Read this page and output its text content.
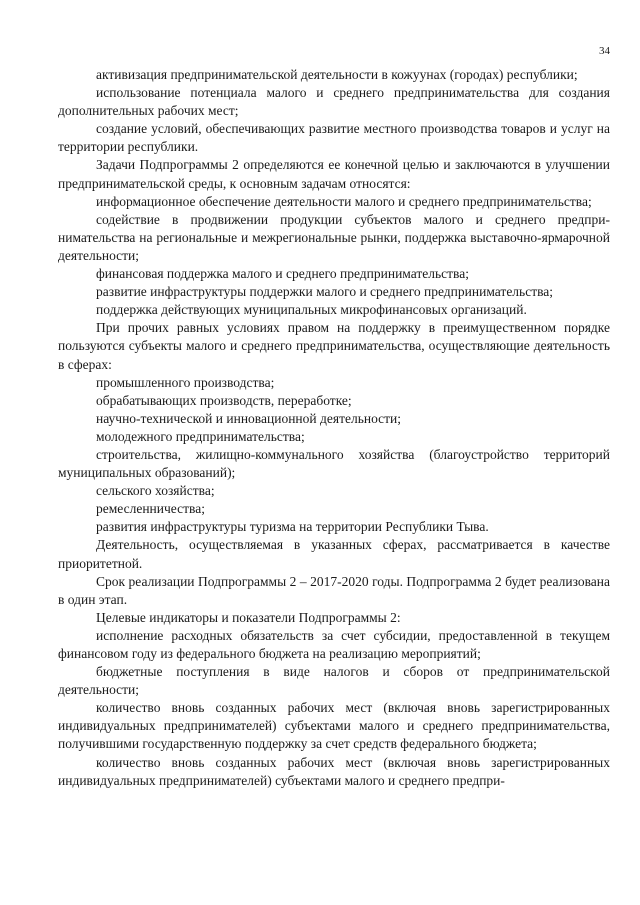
34

активизация предпринимательской деятельности в кожуунах (городах) республики;

использование потенциала малого и среднего предпринимательства для создания дополнительных рабочих мест;

создание условий, обеспечивающих развитие местного производства товаров и услуг на территории республики.

Задачи Подпрограммы 2 определяются ее конечной целью и заключаются в улучшении предпринимательской среды, к основным задачам относятся:

информационное обеспечение деятельности малого и среднего предпринимательства;

содействие в продвижении продукции субъектов малого и среднего предпринимательства на региональные и межрегиональные рынки, поддержка выставочно-ярмарочной деятельности;

финансовая поддержка малого и среднего предпринимательства;

развитие инфраструктуры поддержки малого и среднего предпринимательства;

поддержка действующих муниципальных микрофинансовых организаций.

При прочих равных условиях правом на поддержку в преимущественном порядке пользуются субъекты малого и среднего предпринимательства, осуществляющие деятельность в сферах:

промышленного производства;

обрабатывающих производств, переработке;

научно-технической и инновационной деятельности;

молодежного предпринимательства;

строительства, жилищно-коммунального хозяйства (благоустройство территорий муниципальных образований);

сельского хозяйства;

ремесленничества;

развития инфраструктуры туризма на территории Республики Тыва.

Деятельность, осуществляемая в указанных сферах, рассматривается в качестве приоритетной.

Срок реализации Подпрограммы 2 – 2017-2020 годы. Подпрограмма 2 будет реализована в один этап.

Целевые индикаторы и показатели Подпрограммы 2:

исполнение расходных обязательств за счет субсидии, предоставленной в текущем финансовом году из федерального бюджета на реализацию мероприятий;

бюджетные поступления в виде налогов и сборов от предпринимательской деятельности;

количество вновь созданных рабочих мест (включая вновь зарегистрированных индивидуальных предпринимателей) субъектами малого и среднего предпринимательства, получившими государственную поддержку за счет средств федерального бюджета;

количество вновь созданных рабочих мест (включая вновь зарегистрированных индивидуальных предпринимателей) субъектами малого и среднего предпри-
